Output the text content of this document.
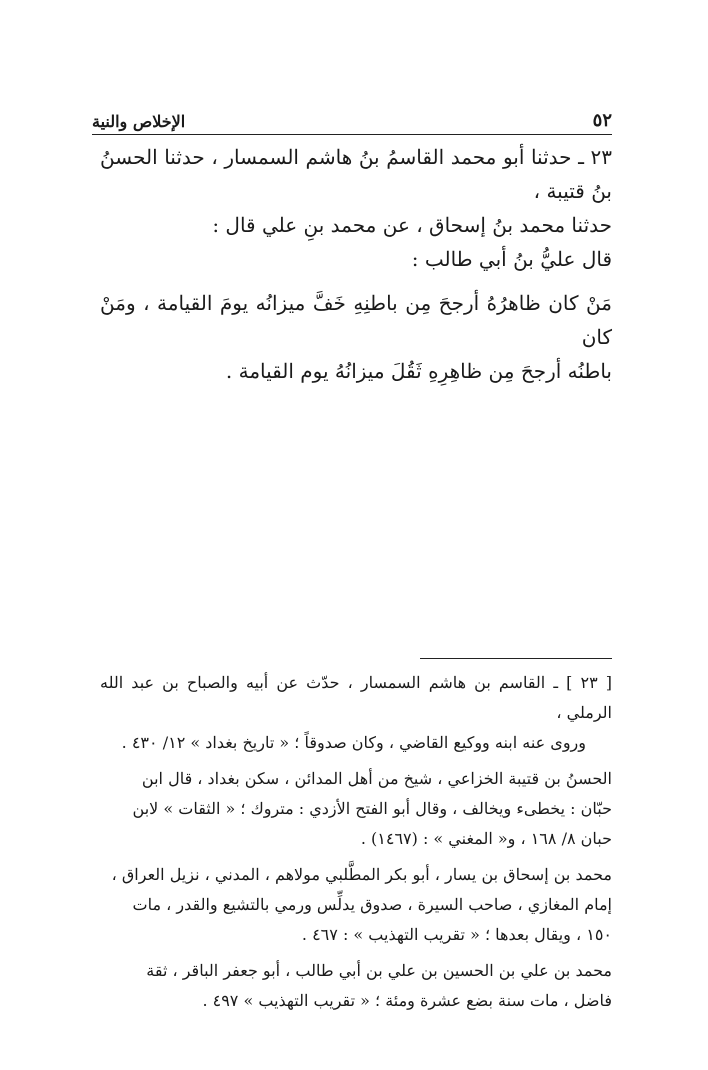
٥٢
الإخلاص والنية

٢٣ ـ حدثنا أبو محمد القاسمُ بنُ هاشم السمسار ، حدثنا الحسنُ بنُ قتيبة ،

حدثنا محمد بنُ إسحاق ، عن محمد بنِ علي قال :

قال عليُّ بنُ أبي طالب :

مَنْ كان ظاهرُهُ أرجحَ مِن باطنِهِ خَفَّ ميزانُه يومَ القيامة ، ومَنْ كان

باطنُه أرجحَ مِن ظاهِرِهِ ثَقُلَ ميزانُهُ يوم القيامة .

[ ٢٣ ] ـ القاسم بن هاشم السمسار ، حدّث عن أبيه والصباح بن عبد الله الرملي ،
وروى عنه ابنه ووكيع القاضي ، وكان صدوقاً ؛ « تاريخ بغداد » ١٢/ ٤٣٠ .

الحسنُ بن قتيبة الخزاعي ، شيخ من أهل المدائن ، سكن بغداد ، قال ابن
حبّان : يخطىء ويخالف ، وقال أبو الفتح الأزدي : متروك ؛ « الثقات » لابن
حبان ٨/ ١٦٨ ، و« المغني » : (١٤٦٧) .

محمد بن إسحاق بن يسار ، أبو بكر المطَّلبي مولاهم ، المدني ، نزيل العراق ،
إمام المغازي ، صاحب السيرة ، صدوق يدلِّس ورمي بالتشيع والقدر ، مات
١٥٠ ، ويقال بعدها ؛ « تقريب التهذيب » : ٤٦٧ .

محمد بن علي بن الحسين بن علي بن أبي طالب ، أبو جعفر الباقر ، ثقة
فاضل ، مات سنة بضع عشرة ومئة ؛ « تقريب التهذيب » ٤٩٧ .
